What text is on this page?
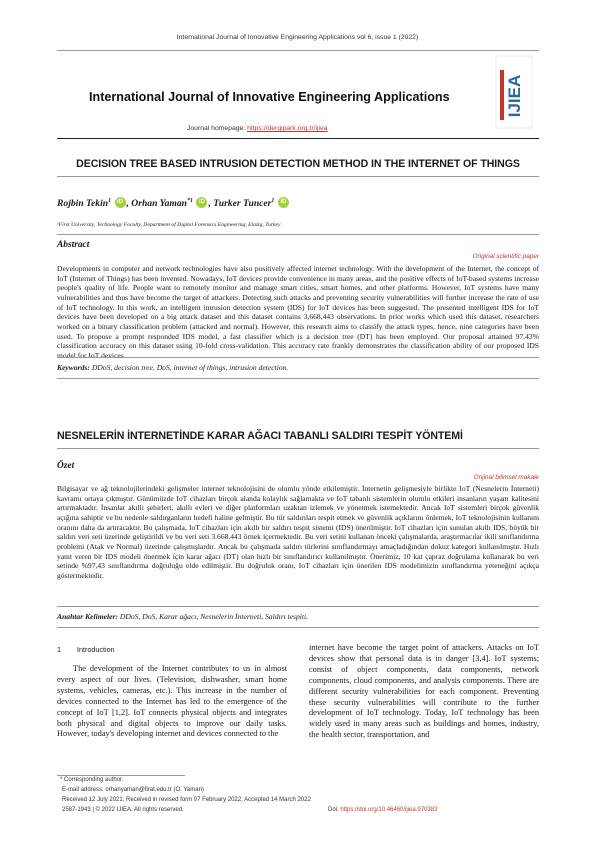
International Journal of Innovative Engineering Applications vol 6, issue 1 (2022)
International Journal of Innovative Engineering Applications
Journal homepage: https://dergipark.org.tr/ijiea
IJIEA
DECISION TREE BASED INTRUSION DETECTION METHOD IN THE INTERNET OF THINGS
Rojbin Tekin$^1$ iD , Orhan Yaman$^{*1}$ iD , Turker Tuncer$^1$ iD
¹First University, Technology Faculty, Department of Digital Forensics Engineering, Elazig, Turkey
Abstract
Original scientific paper
Developments in computer and network technologies have also positively affected internet technology. With the development of the Internet, the concept of IoT (Internet of Things) has been invented. Nowadays, IoT devices provide convenience in many areas, and the positive effects of IoT-based systems increase people's quality of life. People want to remotely monitor and manage smart cities, smart homes, and other platforms. However, IoT systems have many vulnerabilities and thus have become the target of attackers. Detecting such attacks and preventing security vulnerabilities will further increase the rate of use of IoT technology. In this work, an intelligent intrusion detection system (IDS) for IoT devices has been suggested. The presented intelligent IDS for IoT devices have been developed on a big attack dataset and this dataset contains 3,668,443 observations. In prior works which used this dataset, researchers worked on a binary classification problem (attacked and normal). However, this research aims to classify the attack types, hence, nine categories have been used. To propose a prompt responded IDS model, a fast classifier which is a decision tree (DT) has been employed. Our proposal attained 97.43% classification accuracy on this dataset using 10-fold cross-validation. This accuracy rate frankly demonstrates the classification ability of our proposed IDS model for IoT devices.
Keywords: DDoS, decision tree, DoS, internet of things, intrusion detection.
NESNELERİN İNTERNETİNDE KARAR AĞACI TABANLI SALDIRI TESPİT YÖNTEMİ
Özet
Orijinal bilimsel makale
Bilgisayar ve ağ teknolojilerindeki gelişmeler internet teknolojisini de olumlu yönde etkilemiştir. İnternetin gelişmesiyle birlikte IoT (Nesnelerin İnterneti) kavramı ortaya çıkmıştır. Günümüzde IoT cihazları birçok alanda kolaylık sağlamakta ve IoT tabanlı sistemlerin olumlu etkileri insanların yaşam kalitesini artırmaktadır. İnsanlar akıllı şehirleri, akıllı evleri ve diğer platformları uzaktan izlemek ve yönetmek istemektedir. Ancak IoT sistemleri birçok güvenlik açığına sahiptir ve bu nedenle saldırganların hedefi haline gelmiştir. Bu tür saldırıları tespit etmek ve güvenlik açıklarını önlemek, IoT teknolojisinin kullanım oranını daha da artıracaktır. Bu çalışmada, IoT cihazları için akıllı bir saldırı tespit sistemi (IDS) önerilmiştir. IoT cihazları için sunulan akıllı IDS, büyük bir saldırı veri seti üzerinde geliştirildi ve bu veri seti 3.668.443 örnek içermektedir. Bu veri setini kullanan önceki çalışmalarda, araştırmacılar ikili sınıflandırma problemi (Atak ve Normal) üzerinde çalışmışlardır. Ancak bu çalışmada saldırı türlerini sınıflandırmayı amaçladığından dokuz kategori kullanılmıştır. Hızlı yanıt veren bir IDS modeli önermek için karar ağacı (DT) olan hızlı bir sınıflandırıcı kullanılmıştır. Önerimiz, 10 kat çapraz doğrulama kullanarak bu veri setinde %97,43 sınıflandırma doğruluğu elde edilmiştir. Bu doğruluk oranı, IoT cihazları için önerilen IDS modelimizin sınıflandırma yeteneğini açıkça göstermektedir.
Anahtar Kelimeler: DDoS, DoS, Karar ağacı, Nesnelerin İnterneti, Saldırı tespiti.
1 Introduction
The development of the Internet contributes to us in almost every aspect of our lives. (Television, dishwasher, smart home systems, vehicles, cameras, etc.). This increase in the number of devices connected to the Internet has led to the emergence of the concept of IoT [1,2]. IoT connects physical objects and integrates both physical and digital objects to improve our daily tasks. However, today's developing internet and devices connected to the
internet have become the target point of attackers. Attacks on IoT devices show that personal data is in danger [3,4]. IoT systems; consist of object components, data components, network components, cloud components, and analysis components. There are different security vulnerabilities for each component. Preventing these security vulnerabilities will contribute to the further development of IoT technology. Today, IoT technology has been widely used in many areas such as buildings and homes, industry, the health sector, transportation, and
* Corresponding author.
E-mail address: orhanyaman@firat.edu.tr (O. Yaman)
Received 12 July 2021; Received in revised form 07 February 2022; Accepted 14 March 2022
2587-1943 | © 2022 IJIEA. All rights reserved.	Doi: https://doi.org/10.46460/ijiea.970383
